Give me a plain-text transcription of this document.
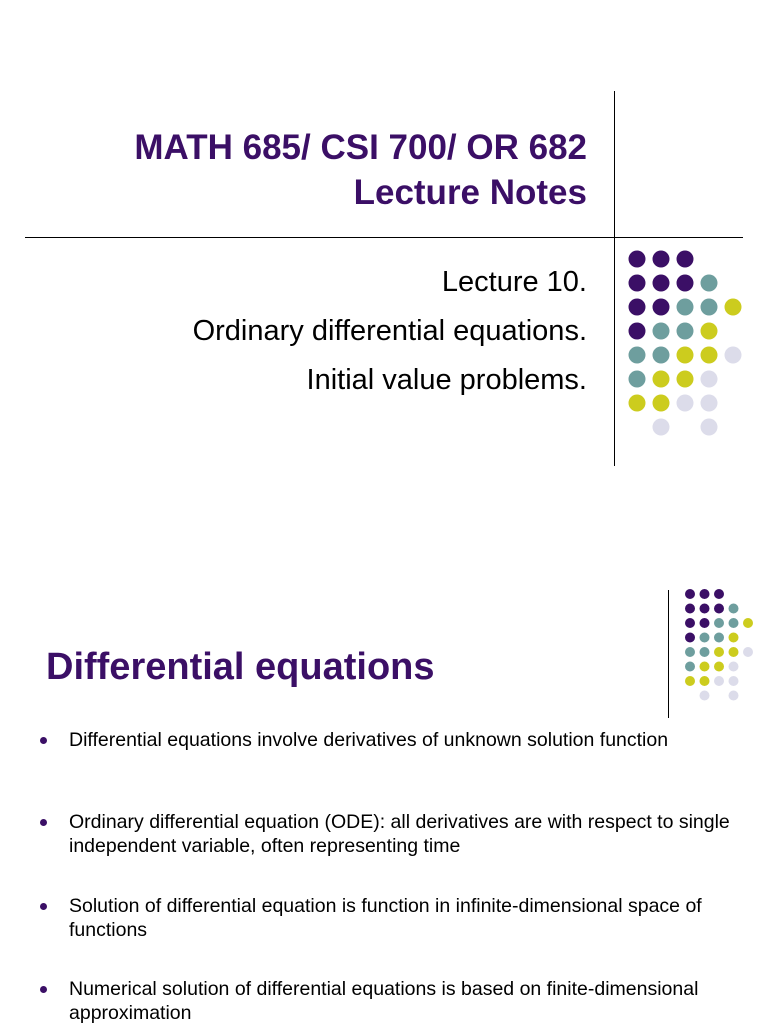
MATH 685/ CSI 700/ OR 682
Lecture Notes
Lecture 10.
Ordinary differential equations.
Initial value problems.
Differential equations
Differential equations involve derivatives of unknown solution function
Ordinary differential equation (ODE): all derivatives are with respect to single independent variable, often representing time
Solution of differential equation is function in infinite-dimensional space of functions
Numerical solution of differential equations is based on finite-dimensional approximation
